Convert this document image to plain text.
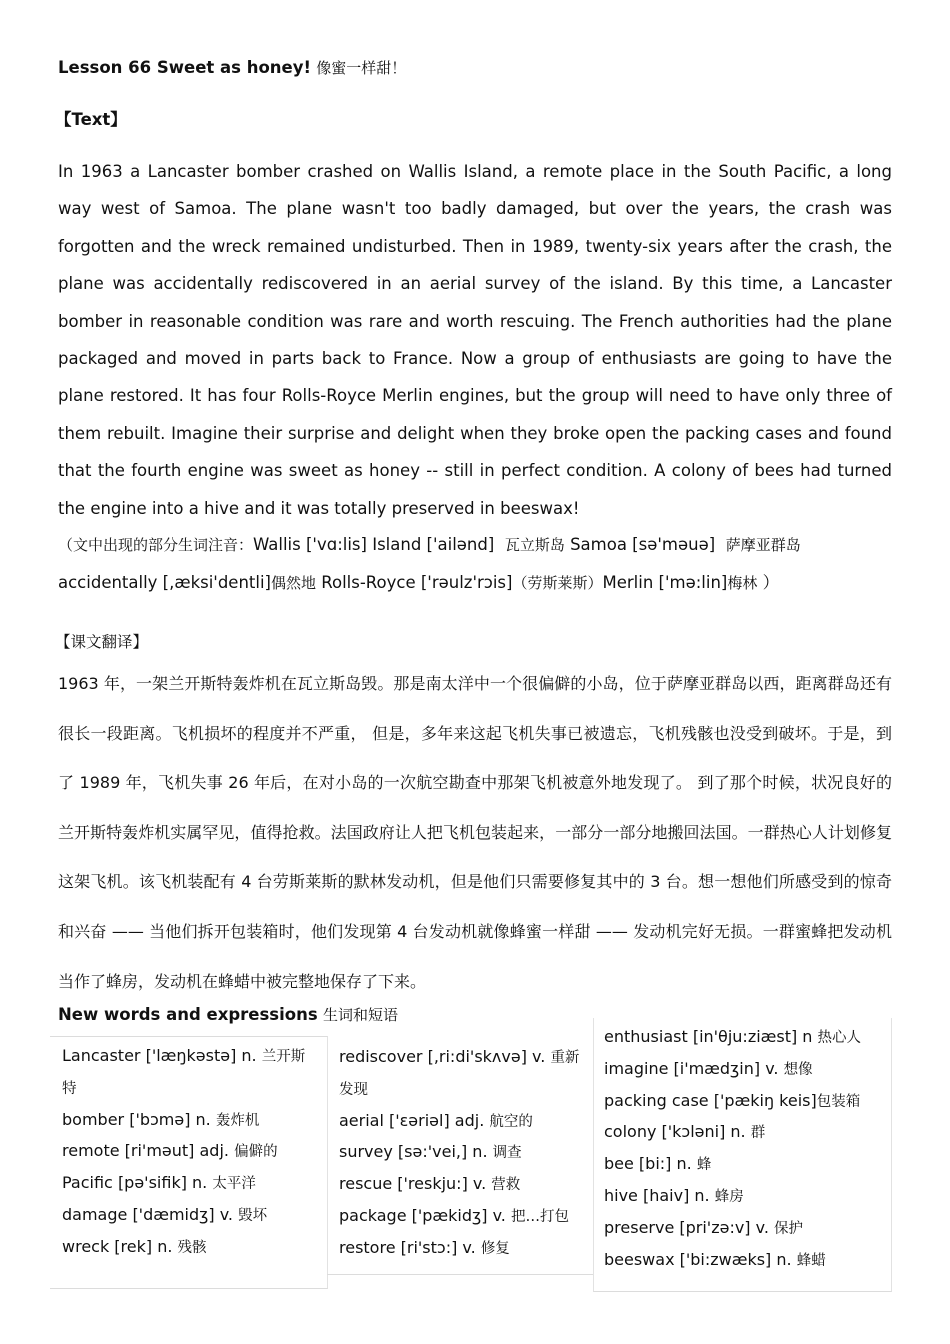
Lesson 66 Sweet as honey! 像蜜一样甜！
【Text】

In 1963 a Lancaster bomber crashed on Wallis Island, a remote place in the South Pacific, a long way west of Samoa. The plane wasn't too badly damaged, but over the years, the crash was forgotten and the wreck remained undisturbed. Then in 1989, twenty-six years after the crash, the plane was accidentally rediscovered in an aerial survey of the island. By this time, a Lancaster bomber in reasonable condition was rare and worth rescuing. The French authorities had the plane packaged and moved in parts back to France. Now a group of enthusiasts are going to have the plane restored. It has four Rolls-Royce Merlin engines, but the group will need to have only three of them rebuilt. Imagine their surprise and delight when they broke open the packing cases and found that the fourth engine was sweet as honey -- still in perfect condition. A colony of bees had turned the engine into a hive and it was totally preserved in beeswax!

（文中出现的部分生词注音：Wallis ['vɑ:lis] Island ['ailənd] 瓦立斯岛 Samoa [sə'məuə] 萨摩亚群岛
accidentally [,æksi'dentli]偶然地 Rolls-Royce ['rəulz'rɔis]（劳斯莱斯）Merlin ['mə:lin]梅林 ）
【课文翻译】

1963 年，一架兰开斯特轰炸机在瓦立斯岛毁。那是南太洋中一个很偏僻的小岛，位于萨摩亚群岛以西，距离群岛还有很长一段距离。飞机损坏的程度并不严重， 但是，多年来这起飞机失事已被遗忘，飞机残骸也没受到破坏。于是，到了 1989 年，飞机失事 26 年后，在对小岛的一次航空勘查中那架飞机被意外地发现了。 到了那个时候，状况良好的兰开斯特轰炸机实属罕见，值得抢救。法国政府让人把飞机包装起来，一部分一部分地搬回法国。一群热心人计划修复这架飞机。该飞机装配有 4 台劳斯莱斯的默林发动机，但是他们只需要修复其中的 3 台。想一想他们所感受到的惊奇和兴奋 —— 当他们拆开包装箱时，他们发现第 4 台发动机就像蜂蜜一样甜 —— 发动机完好无损。一群蜜蜂把发动机当作了蜂房，发动机在蜂蜡中被完整地保存了下来。

New words and expressions 生词和短语
Lancaster ['læŋkəstə] n. 兰开斯特
bomber ['bɔmə] n. 轰炸机
remote [ri'məut] adj. 偏僻的
Pacific [pə'sifik] n. 太平洋
damage ['dæmidʒ] v. 毁坏
wreck [rek] n. 残骸
rediscover [,ri:di'skʌvə] v. 重新发现
aerial ['ɛəriəl] adj. 航空的
survey [sə:'vei,] n. 调查
rescue ['reskju:] v. 营救
package ['pækidʒ] v. 把…打包
restore [ri'stɔ:] v. 修复
enthusiast [in'θju:ziæst] n 热心人
imagine [i'mædʒin] v. 想像
packing case ['pækiŋ keis]包装箱
colony ['kɔləni] n. 群
bee [bi:] n. 蜂
hive [haiv] n. 蜂房
preserve [pri'zə:v] v. 保护
beeswax ['bi:zwæks] n. 蜂蜡
